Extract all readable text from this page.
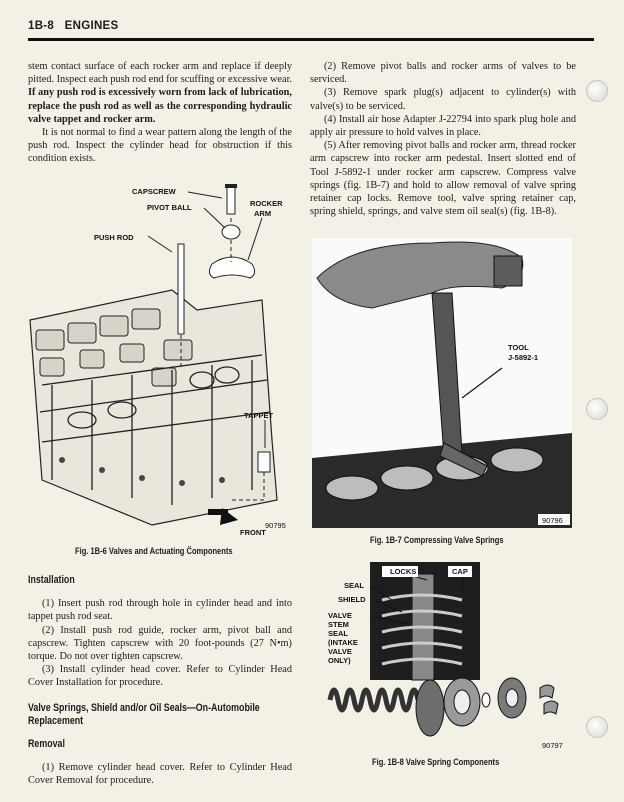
1B-8 ENGINES

stem contact surface of each rocker arm and replace if deeply pitted. Inspect each push rod end for scuffing or excessive wear. If any push rod is excessively worn from lack of lubrication, replace the push rod as well as the corresponding hydraulic valve tappet and rocker arm.

It is not normal to find a wear pattern along the length of the push rod. Inspect the cylinder head for obstruction if this condition exists.

CAPSCREW
PIVOT BALL	ROCKER
ARM
PUSH ROD
TAPPET
FRONT
90795
Fig. 1B-6 Valves and Actuating C̈omponents
Installation

(1) Insert push rod through hole in cylinder head and into tappet push rod seat.

(2) Install push rod guide, rocker arm, pivot ball and capscrew. Tighten capscrew with 20 foot-pounds (27 N•m) torque. Do not over tighten capscrew.

(3) Install cylinder head cover. Refer to Cylinder Head Cover Installation for procedure.

Valve Springs, Shield and/or Oil Seals—On-Automobile Replacement
Removal

(1) Remove cylinder head cover. Refer to Cylinder Head Cover Removal for procedure.

(2) Remove pivot balls and rocker arms of valves to be serviced.

(3) Remove spark plug(s) adjacent to cylinder(s) with valve(s) to be serviced.

(4) Install air hose Adapter J-22794 into spark plug hole and apply air pressure to hold valves in place.

(5) After removing pivot balls and rocker arm, thread rocker arm capscrew into rocker arm pedestal. Insert slotted end of Tool J-5892-1 under rocker arm capscrew. Compress valve springs (fig. 1B-7) and hold to allow removal of valve spring retainer cap locks. Remove tool, valve spring retainer cap, spring shield, springs, and valve stem oil seal(s) (fig. 1B-8).

TOOL
J-5892-1
90796
Fig. 1B-7 Compressing Valve Springs
LOCKS	CAP
SEAL
SHIELD
VALVE
STEM
SEAL
(INTAKE
VALVE
ONLY)
90797
Fig. 1B-8 Valve Spring Components
